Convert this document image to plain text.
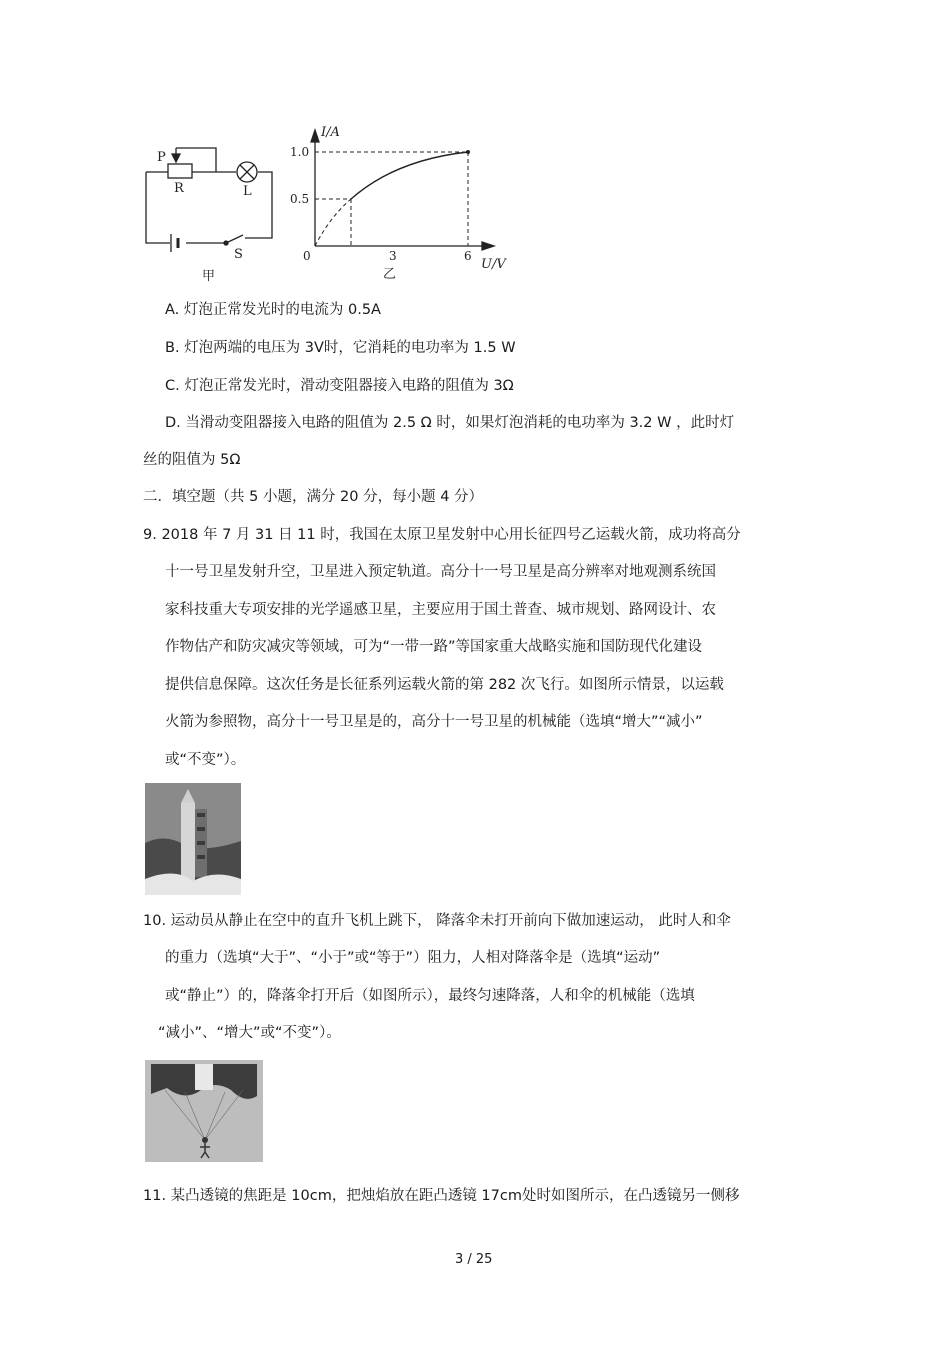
P
R	L
S
甲
I/A
U/V
0
1.0
0.5
3	6
乙
A. 灯泡正常发光时的电流为 0.5A
B. 灯泡两端的电压为 3V时，它消耗的电功率为 1.5 W
C. 灯泡正常发光时，滑动变阻器接入电路的阻值为 3Ω
D. 当滑动变阻器接入电路的阻值为 2.5 Ω 时，如果灯泡消耗的电功率为 3.2 W ，此时灯
丝的阻值为 5Ω
二．填空题（共 5 小题，满分 20 分，每小题 4 分）
9. 2018 年 7 月 31 日 11 时，我国在太原卫星发射中心用长征四号乙运载火箭，成功将高分
十一号卫星发射升空，卫星进入预定轨道。高分十一号卫星是高分辨率对地观测系统国
家科技重大专项安排的光学遥感卫星，主要应用于国土普查、城市规划、路网设计、农
作物估产和防灾减灾等领域，可为“一带一路”等国家重大战略实施和国防现代化建设
提供信息保障。这次任务是长征系列运载火箭的第 282 次飞行。如图所示情景，以运载
火箭为参照物，高分十一号卫星是的，高分十一号卫星的机械能（选填“增大”“减小”
或“不变”）。
10. 运动员从静止在空中的直升飞机上跳下， 降落伞未打开前向下做加速运动， 此时人和伞
的重力（选填“大于”、“小于”或“等于”）阻力，人相对降落伞是（选填“运动”
或“静止”）的，降落伞打开后（如图所示），最终匀速降落，人和伞的机械能（选填
“减小”、“增大”或“不变”）。
11. 某凸透镜的焦距是 10cm，把烛焰放在距凸透镜 17cm处时如图所示，在凸透镜另一侧移
3 / 25
